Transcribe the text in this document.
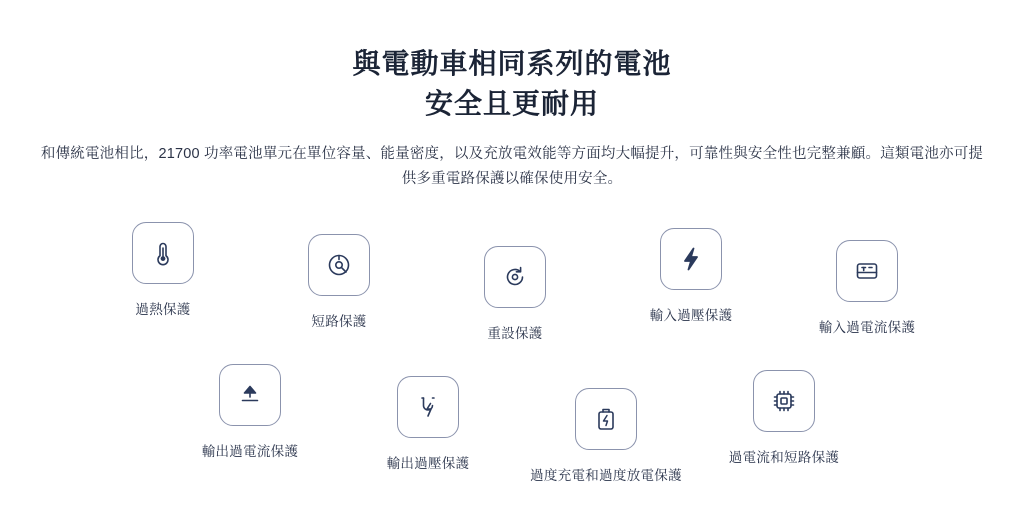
與電動車相同系列的電池
安全且更耐用

和傳統電池相比，21700 功率電池單元在單位容量、能量密度，以及充放電效能等方面均大幅提升，可靠性與安全性也完整兼顧。這類電池亦可提供多重電路保護以確保使用安全。

過熱保護
短路保護
重設保護
輸入過壓保護
輸入過電流保護
輸出過電流保護
輸出過壓保護
過度充電和過度放電保護
過電流和短路保護
